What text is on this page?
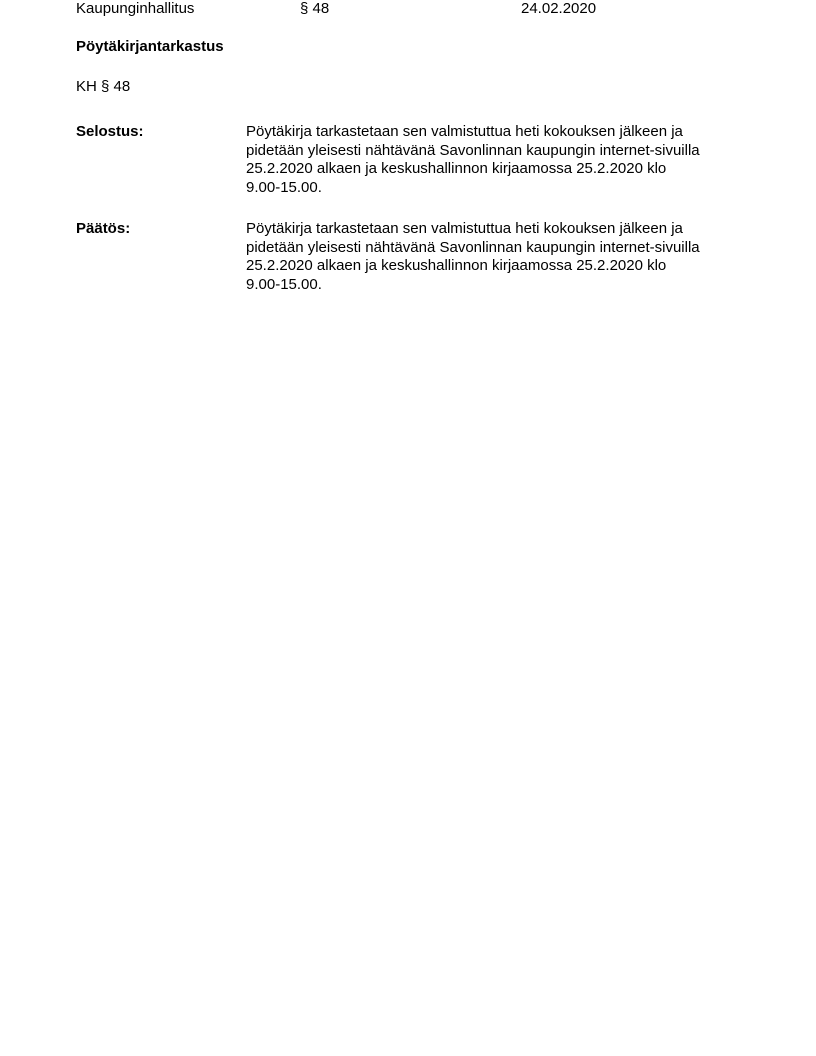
Kaupunginhallitus	§ 48	24.02.2020
Pöytäkirjantarkastus
KH § 48
Selostus:	Pöytäkirja tarkastetaan sen valmistuttua heti kokouksen jälkeen ja
pidetään yleisesti nähtävänä Savonlinnan kaupungin internet-sivuilla
25.2.2020 alkaen ja keskushallinnon kirjaamossa 25.2.2020 klo
9.00-15.00.
Päätös:	Pöytäkirja tarkastetaan sen valmistuttua heti kokouksen jälkeen ja
pidetään yleisesti nähtävänä Savonlinnan kaupungin internet-sivuilla
25.2.2020 alkaen ja keskushallinnon kirjaamossa 25.2.2020 klo
9.00-15.00.
